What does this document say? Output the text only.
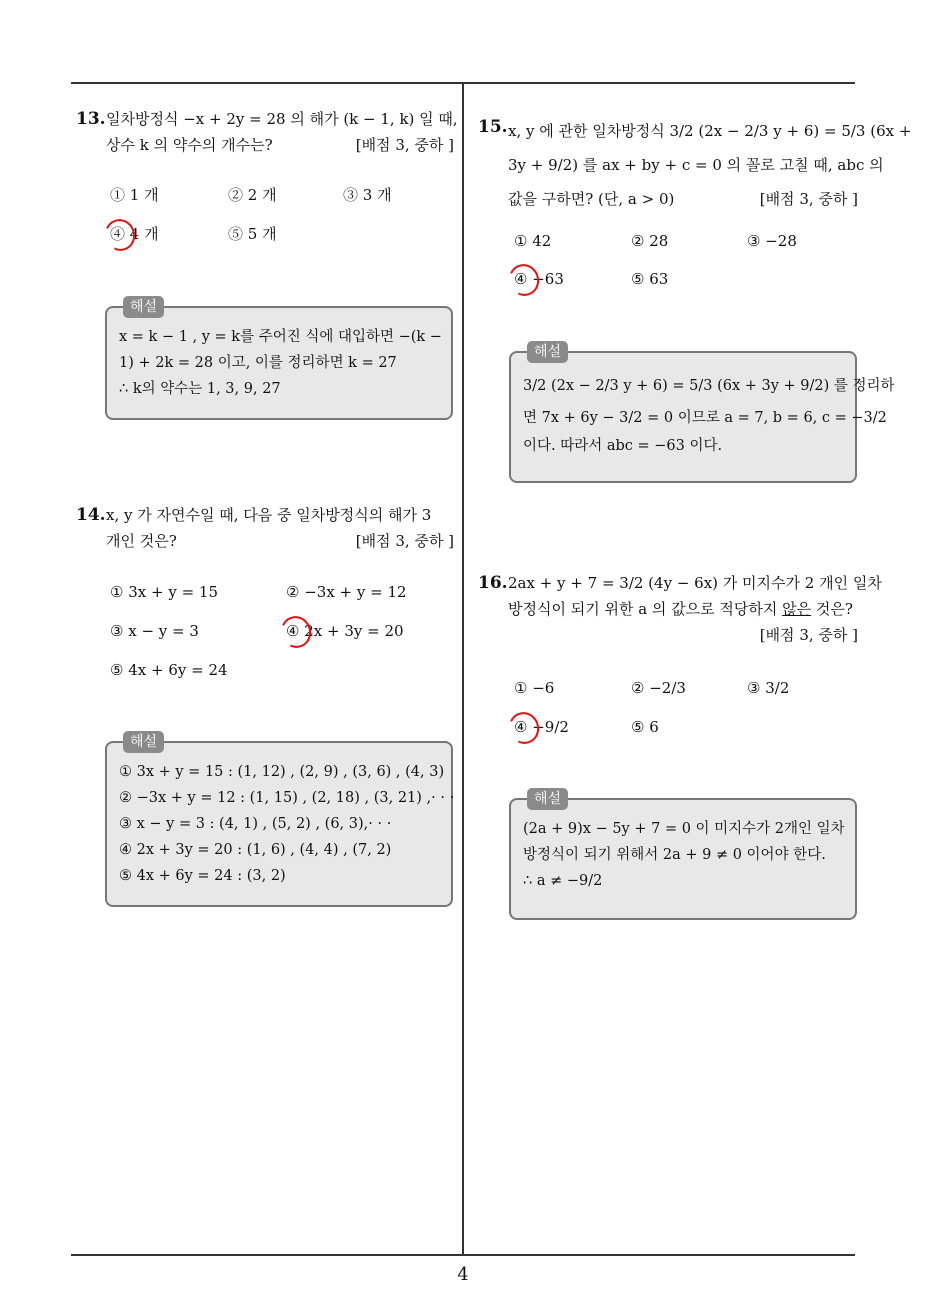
4
13. 일차방정식 −x + 2y = 28 의 해가 (k − 1, k) 일 때,
상수 k 의 약수의 개수는?	[배점 3, 중하 ]
① 1 개	② 2 개	③ 3 개
④ 4 개	⑤ 5 개
해설
x = k − 1 , y = k를 주어진 식에 대입하면 −(k −
1) + 2k = 28 이고, 이를 정리하면 k = 27
∴ k의 약수는 1, 3, 9, 27
14. x, y 가 자연수일 때, 다음 중 일차방정식의 해가 3
개인 것은?	[배점 3, 중하 ]
① 3x + y = 15	② −3x + y = 12
③ x − y = 3	④ 2x + 3y = 20
⑤ 4x + 6y = 24
해설
① 3x + y = 15 : (1, 12) , (2, 9) , (3, 6) , (4, 3)
② −3x + y = 12 : (1, 15) , (2, 18) , (3, 21) ,· · ·
③ x − y = 3 : (4, 1) , (5, 2) , (6, 3),· · ·
④ 2x + 3y = 20 : (1, 6) , (4, 4) , (7, 2)
⑤ 4x + 6y = 24 : (3, 2)
15. x, y 에 관한 일차방정식 3/2 (2x − 2/3 y + 6) = 5/3 (6x +
3y + 9/2) 를 ax + by + c = 0 의 꼴로 고칠 때, abc 의
값을 구하면? (단, a > 0)	[배점 3, 중하 ]
① 42	② 28	③ −28
④ −63	⑤ 63
해설
3/2 (2x − 2/3 y + 6) = 5/3 (6x + 3y + 9/2) 를 정리하
면 7x + 6y − 3/2 = 0 이므로 a = 7, b = 6, c = −3/2
이다. 따라서 abc = −63 이다.
16. 2ax + y + 7 = 3/2 (4y − 6x) 가 미지수가 2 개인 일차
방정식이 되기 위한 a 의 값으로 적당하지 않은 것은?
[배점 3, 중하 ]
① −6	② −2/3	③ 3/2
④ −9/2	⑤ 6
해설
(2a + 9)x − 5y + 7 = 0 이 미지수가 2개인 일차
방정식이 되기 위해서 2a + 9 ≠ 0 이어야 한다.
∴ a ≠ −9/2
